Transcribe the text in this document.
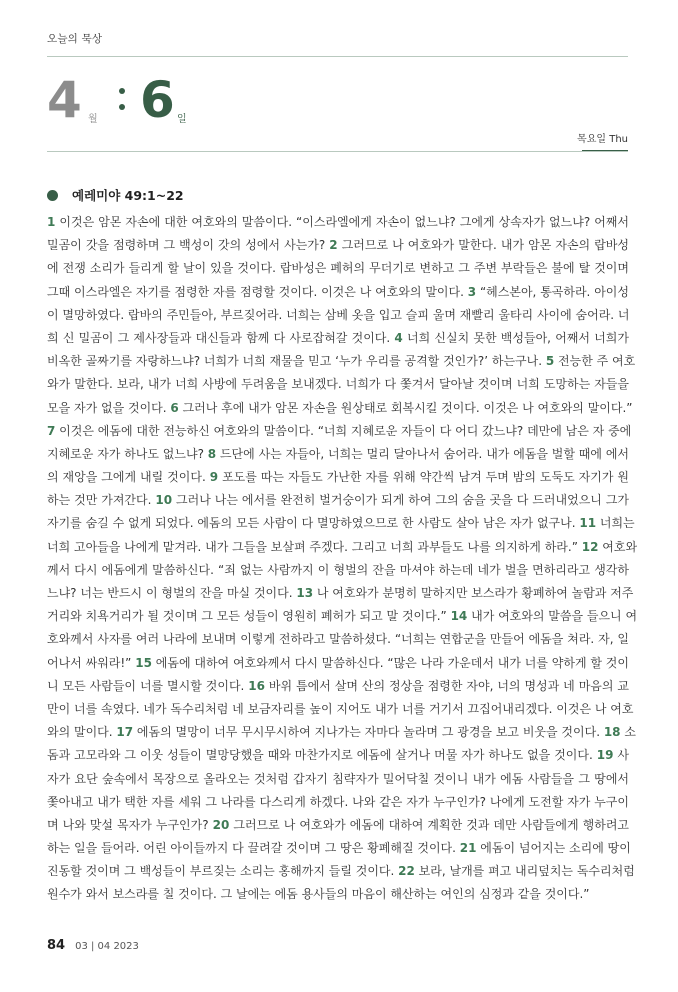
오늘의 묵상
4 월 6 일
목요일 Thu
예레미야 49:1~22
1 이것은 암몬 자손에 대한 여호와의 말씀이다. “이스라엘에게 자손이 없느냐? 그에게 상속자가 없느냐? 어째서
밀곰이 갓을 점령하며 그 백성이 갓의 성에서 사는가? 2 그러므로 나 여호와가 말한다. 내가 암몬 자손의 랍바성
에 전쟁 소리가 들리게 할 날이 있을 것이다. 랍바성은 폐허의 무더기로 변하고 그 주변 부락들은 불에 탈 것이며
그때 이스라엘은 자기를 점령한 자를 점령할 것이다. 이것은 나 여호와의 말이다. 3 “헤스본아, 통곡하라. 아이성
이 멸망하였다. 랍바의 주민들아, 부르짖어라. 너희는 삼베 옷을 입고 슬피 울며 재빨리 울타리 사이에 숨어라. 너
희 신 밀곰이 그 제사장들과 대신들과 함께 다 사로잡혀갈 것이다. 4 너희 신실치 못한 백성들아, 어째서 너희가
비옥한 골짜기를 자랑하느냐? 너희가 너희 재물을 믿고 ‘누가 우리를 공격할 것인가?’ 하는구나. 5 전능한 주 여호
와가 말한다. 보라, 내가 너희 사방에 두려움을 보내겠다. 너희가 다 쫓겨서 달아날 것이며 너희 도망하는 자들을
모을 자가 없을 것이다. 6 그러나 후에 내가 암몬 자손을 원상태로 회복시킬 것이다. 이것은 나 여호와의 말이다.”
7 이것은 에돔에 대한 전능하신 여호와의 말씀이다. “너희 지혜로운 자들이 다 어디 갔느냐? 데만에 남은 자 중에
지혜로운 자가 하나도 없느냐? 8 드단에 사는 자들아, 너희는 멀리 달아나서 숨어라. 내가 에돔을 벌할 때에 에서
의 재앙을 그에게 내릴 것이다. 9 포도를 따는 자들도 가난한 자를 위해 약간씩 남겨 두며 밤의 도둑도 자기가 원
하는 것만 가져간다. 10 그러나 나는 에서를 완전히 벌거숭이가 되게 하여 그의 숨을 곳을 다 드러내었으니 그가
자기를 숨길 수 없게 되었다. 에돔의 모든 사람이 다 멸망하였으므로 한 사람도 살아 남은 자가 없구나. 11 너희는
너희 고아들을 나에게 맡겨라. 내가 그들을 보살펴 주겠다. 그리고 너희 과부들도 나를 의지하게 하라.” 12 여호와
께서 다시 에돔에게 말씀하신다. “죄 없는 사람까지 이 형벌의 잔을 마셔야 하는데 네가 벌을 면하리라고 생각하
느냐? 너는 반드시 이 형벌의 잔을 마실 것이다. 13 나 여호와가 분명히 말하지만 보스라가 황폐하여 놀람과 저주
거리와 치욕거리가 될 것이며 그 모든 성들이 영원히 폐허가 되고 말 것이다.” 14 내가 여호와의 말씀을 들으니 여
호와께서 사자를 여러 나라에 보내며 이렇게 전하라고 말씀하셨다. “너희는 연합군을 만들어 에돔을 쳐라. 자, 일
어나서 싸워라!” 15 에돔에 대하여 여호와께서 다시 말씀하신다. “많은 나라 가운데서 내가 너를 약하게 할 것이
니 모든 사람들이 너를 멸시할 것이다. 16 바위 틈에서 살며 산의 정상을 점령한 자야, 너의 명성과 네 마음의 교
만이 너를 속였다. 네가 독수리처럼 네 보금자리를 높이 지어도 내가 너를 거기서 끄집어내리겠다. 이것은 나 여호
와의 말이다. 17 에돔의 멸망이 너무 무시무시하여 지나가는 자마다 놀라며 그 광경을 보고 비웃을 것이다. 18 소
돔과 고모라와 그 이웃 성들이 멸망당했을 때와 마찬가지로 에돔에 살거나 머물 자가 하나도 없을 것이다. 19 사
자가 요단 숲속에서 목장으로 올라오는 것처럼 갑자기 침략자가 밀어닥칠 것이니 내가 에돔 사람들을 그 땅에서
쫓아내고 내가 택한 자를 세워 그 나라를 다스리게 하겠다. 나와 같은 자가 누구인가? 나에게 도전할 자가 누구이
며 나와 맞설 목자가 누구인가? 20 그러므로 나 여호와가 에돔에 대하여 계획한 것과 데만 사람들에게 행하려고
하는 일을 들어라. 어린 아이들까지 다 끌려갈 것이며 그 땅은 황폐해질 것이다. 21 에돔이 넘어지는 소리에 땅이
진동할 것이며 그 백성들이 부르짖는 소리는 홍해까지 들릴 것이다. 22 보라, 날개를 펴고 내리덮치는 독수리처럼
원수가 와서 보스라를 칠 것이다. 그 날에는 에돔 용사들의 마음이 해산하는 여인의 심정과 같을 것이다.”
84 03 | 04 2023
